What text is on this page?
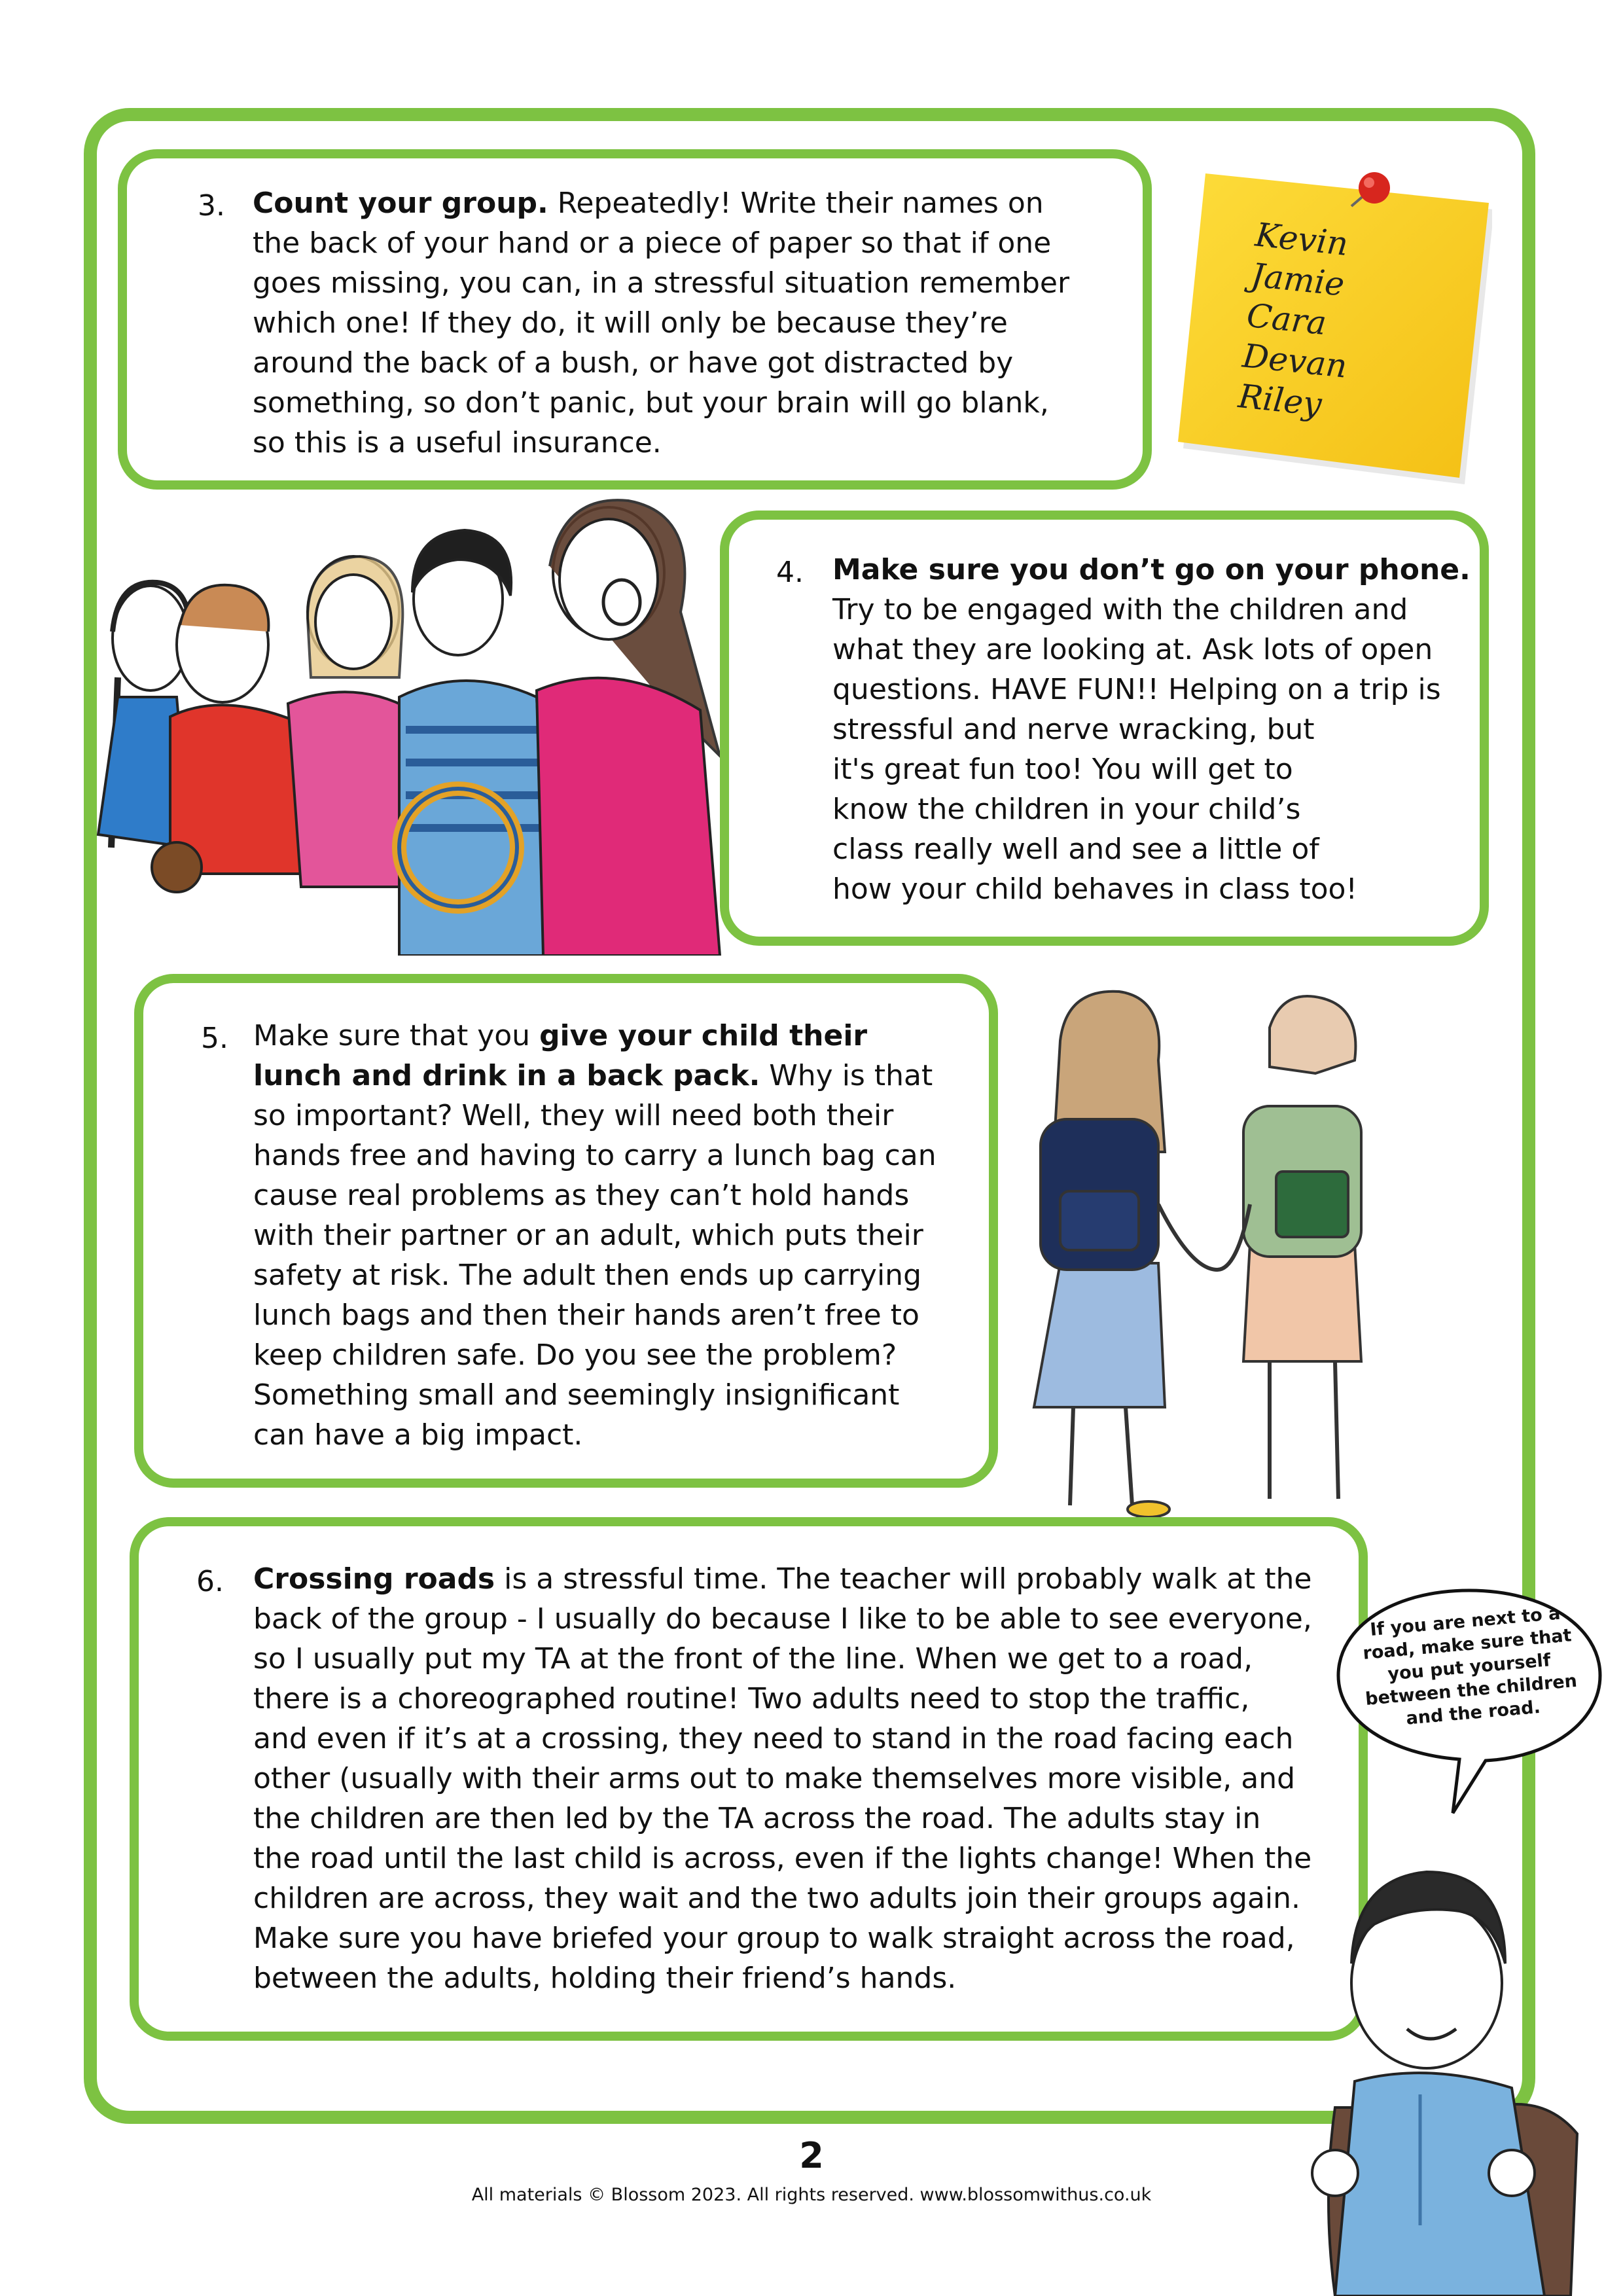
3. Count your group. Repeatedly! Write their names on
the back of your hand or a piece of paper so that if one
goes missing, you can, in a stressful situation remember
which one! If they do, it will only be because they’re
around the back of a bush, or have got distracted by
something, so don’t panic, but your brain will go blank,
so this is a useful insurance.
Kevin
Jamie
Cara
Devan
Riley
4. Make sure you don’t go on your phone.
Try to be engaged with the children and
what they are looking at. Ask lots of open
questions. HAVE FUN!! Helping on a trip is
stressful and nerve wracking, but
it's great fun too! You will get to
know the children in your child’s
class really well and see a little of
how your child behaves in class too!
5. Make sure that you give your child their
lunch and drink in a back pack. Why is that
so important? Well, they will need both their
hands free and having to carry a lunch bag can
cause real problems as they can’t hold hands
with their partner or an adult, which puts their
safety at risk. The adult then ends up carrying
lunch bags and then their hands aren’t free to
keep children safe. Do you see the problem?
Something small and seemingly insignificant
can have a big impact.
6. Crossing roads is a stressful time. The teacher will probably walk at the
back of the group - I usually do because I like to be able to see everyone,
so I usually put my TA at the front of the line. When we get to a road,
there is a choreographed routine! Two adults need to stop the traffic,
and even if it’s at a crossing, they need to stand in the road facing each
other (usually with their arms out to make themselves more visible, and
the children are then led by the TA across the road. The adults stay in
the road until the last child is across, even if the lights change! When the
children are across, they wait and the two adults join their groups again.
Make sure you have briefed your group to walk straight across the road,
between the adults, holding their friend’s hands.
If you are next to a
road, make sure that
you put yourself
between the children
and the road.
2
All materials © Blossom 2023. All rights reserved. www.blossomwithus.co.uk
